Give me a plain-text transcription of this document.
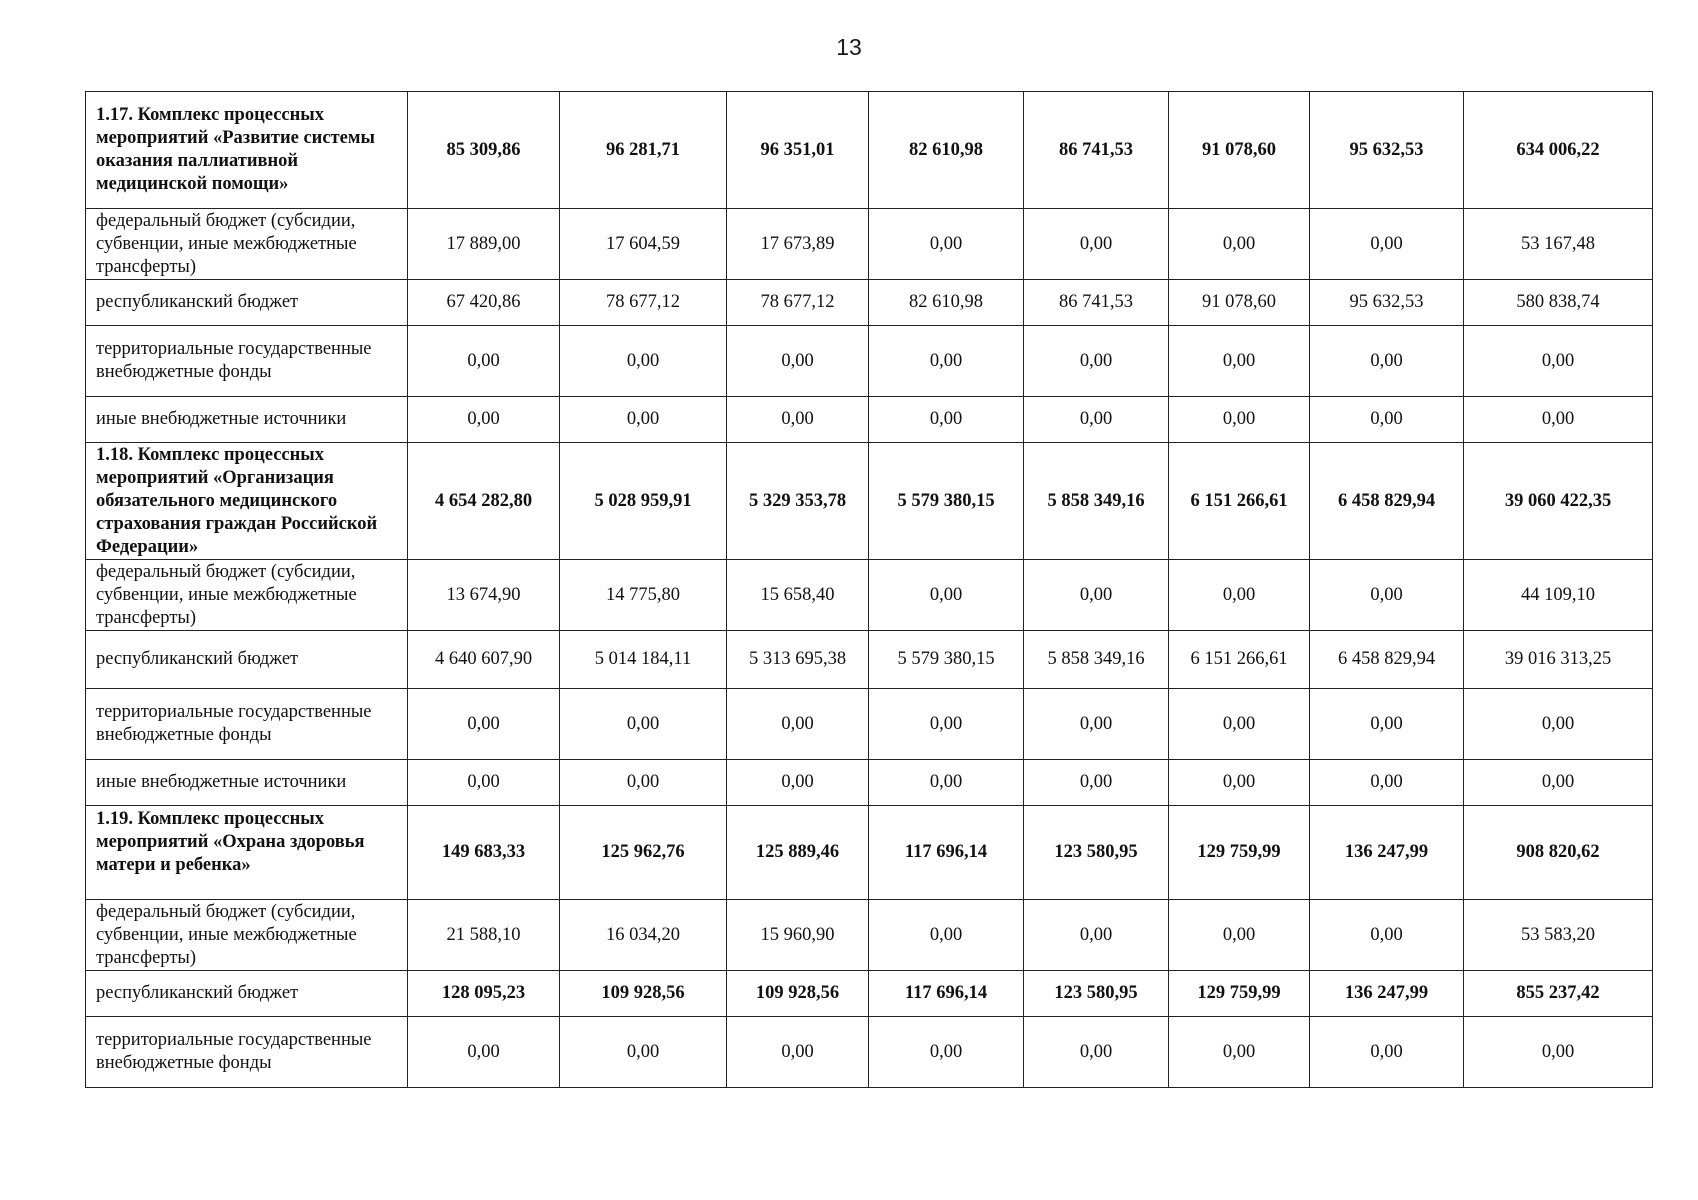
13
1.17. Комплекс процессных мероприятий «Развитие системы оказания паллиативной медицинской помощи»	85 309,86	96 281,71	96 351,01	82 610,98	86 741,53	91 078,60	95 632,53	634 006,22
федеральный бюджет (субсидии, субвенции, иные межбюджетные трансферты)	17 889,00	17 604,59	17 673,89	0,00	0,00	0,00	0,00	53 167,48
республиканский бюджет	67 420,86	78 677,12	78 677,12	82 610,98	86 741,53	91 078,60	95 632,53	580 838,74
территориальные государственные внебюджетные фонды	0,00	0,00	0,00	0,00	0,00	0,00	0,00	0,00
иные внебюджетные источники	0,00	0,00	0,00	0,00	0,00	0,00	0,00	0,00
1.18. Комплекс процессных мероприятий «Организация обязательного медицинского страхования граждан Российской Федерации»	4 654 282,80	5 028 959,91	5 329 353,78	5 579 380,15	5 858 349,16	6 151 266,61	6 458 829,94	39 060 422,35
федеральный бюджет (субсидии, субвенции, иные межбюджетные трансферты)	13 674,90	14 775,80	15 658,40	0,00	0,00	0,00	0,00	44 109,10
республиканский бюджет	4 640 607,90	5 014 184,11	5 313 695,38	5 579 380,15	5 858 349,16	6 151 266,61	6 458 829,94	39 016 313,25
территориальные государственные внебюджетные фонды	0,00	0,00	0,00	0,00	0,00	0,00	0,00	0,00
иные внебюджетные источники	0,00	0,00	0,00	0,00	0,00	0,00	0,00	0,00
1.19. Комплекс процессных мероприятий «Охрана здоровья матери и ребенка»	149 683,33	125 962,76	125 889,46	117 696,14	123 580,95	129 759,99	136 247,99	908 820,62
федеральный бюджет (субсидии, субвенции, иные межбюджетные трансферты)	21 588,10	16 034,20	15 960,90	0,00	0,00	0,00	0,00	53 583,20
республиканский бюджет	128 095,23	109 928,56	109 928,56	117 696,14	123 580,95	129 759,99	136 247,99	855 237,42
территориальные государственные внебюджетные фонды	0,00	0,00	0,00	0,00	0,00	0,00	0,00	0,00
